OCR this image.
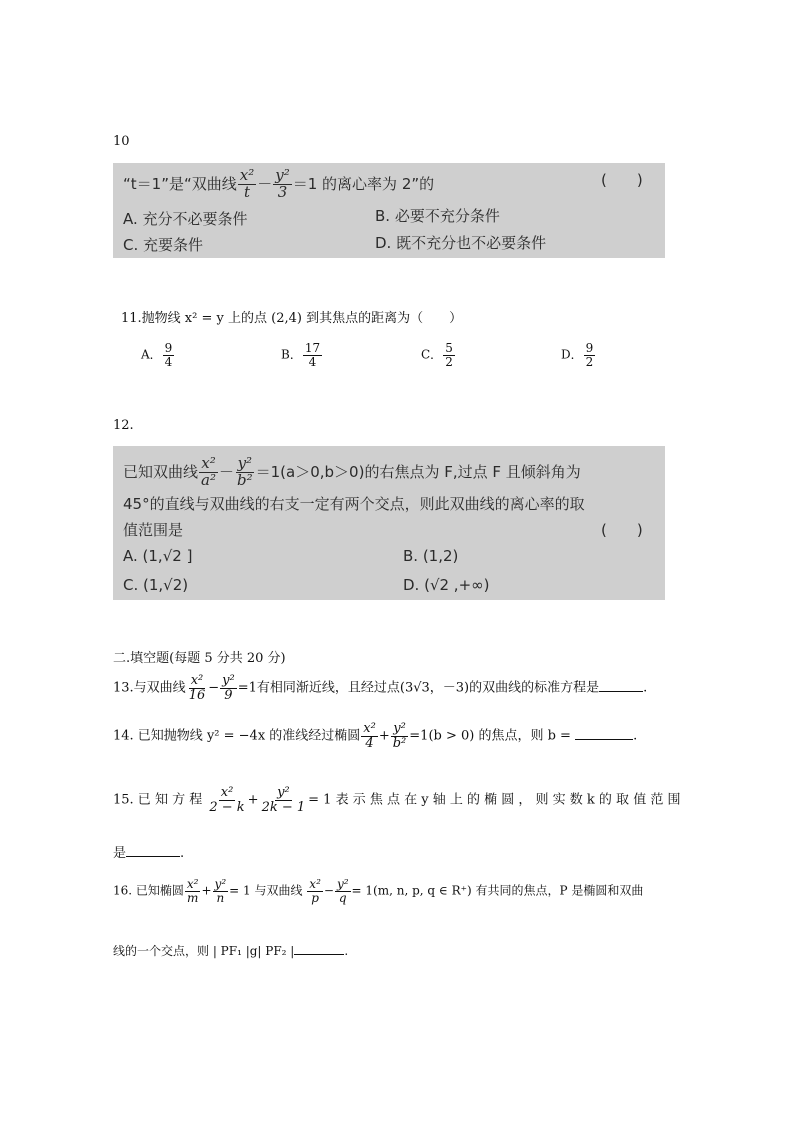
10
“t＝1”是“双曲线 $\frac{\text{x²}}{t} - \frac{\text{y²}}{3} =1$ 的离心率为 2”的	(　　)
A. 充分不必要条件	B. 必要不充分条件
C. 充要条件	D. 既不充分也不必要条件
11.抛物线 x² = y 上的点 (2,4) 到其焦点的距离为（　　）
A． $\frac{9}{4}$	B． $\frac{17}{4}$	C． $\frac{5}{2}$	D． $\frac{9}{2}$
12.
已知双曲线 $\frac{\text{x²}}{\text{a²}} - \frac{\text{y²}}{\text{b²}} =1(a>0,b>0)$的右焦点为 F,过点 F 且倾斜角为
45°的直线与双曲线的右支一定有两个交点，则此双曲线的离心率的取
值范围是	(　　)
A. (1,√2 ]	B. (1,2)
C. (1,√2)	D. (√2 ,+∞)
二.填空题(每题 5 分共 20 分)
13.与双曲线 $\frac{\text{x²}}{16} - \frac{\text{y²}}{9} =1$有相同渐近线，且经过点(3√3，－3)的双曲线的标准方程是	.
14. 已知抛物线 y² = −4x 的准线经过椭圆 $\frac{\text{x²}}{4} + \frac{\text{y²}}{\text{b²}} =1(b > 0)$ 的焦点，则 b =	.
15. 已 知 方 程 $\frac{\text{x²}}{2 - k} + \frac{\text{y²}}{2k - 1} = 1$ 表 示 焦 点 在 y 轴 上 的 椭 圆 ， 则 实 数 k 的 取 值 范 围
是	.
16. 已知椭圆 $\frac{\text{x²}}{m} + \frac{\text{y²}}{n} = 1$ 与双曲线 $\frac{\text{x²}}{p} - \frac{\text{y²}}{q} = 1(m$, n, p, q ∈ R⁺) 有共同的焦点，P 是椭圆和双曲
线的一个交点，则 | PF₁ |g| PF₂ |	.
